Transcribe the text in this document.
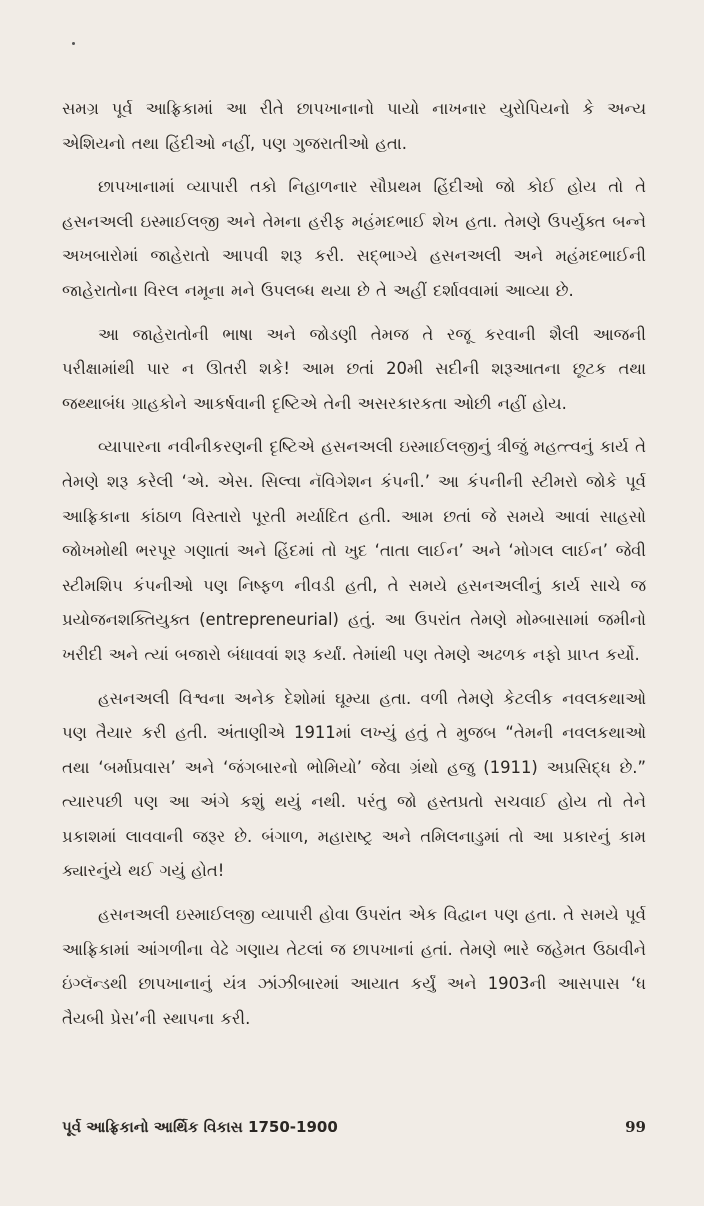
સમગ્ર પૂર્વ આફ્રિકામાં આ રીતે છાપખાનાનો પાયો નાખનાર યુરોપિયનો કે અન્ય એશિયનો તથા હિંદીઓ નહીં, પણ ગુજરાતીઓ હતા.

છાપખાનામાં વ્યાપારી તકો નિહાળનાર સૌપ્રથમ હિંદીઓ જો કોઈ હોય તો તે હસનઅલી ઇસ્માઈલજી અને તેમના હરીફ મહંમદભાઈ શેખ હતા. તેમણે ઉપર્યુક્ત બન્ને અખબારોમાં જાહેરાતો આપવી શરૂ કરી. સદ્ભાગ્યે હસનઅલી અને મહંમદભાઈની જાહેરાતોના વિરલ નમૂના મને ઉપલબ્ધ થયા છે તે અહીં દર્શાવવામાં આવ્યા છે.

આ જાહેરાતોની ભાષા અને જોડણી તેમજ તે રજૂ કરવાની શૈલી આજની પરીક્ષામાંથી પાર ન ઊતરી શકે! આમ છતાં 20મી સદીની શરૂઆતના છૂટક તથા જથ્થાબંધ ગ્રાહકોને આકર્ષવાની દૃષ્ટિએ તેની અસરકારકતા ઓછી નહીં હોય.

વ્યાપારના નવીનીકરણની દૃષ્ટિએ હસનઅલી ઇસ્માઈલજીનું ત્રીજું મહત્ત્વનું કાર્ય તે તેમણે શરૂ કરેલી ‘એ. એસ. સિલ્વા નૅવિગેશન કંપની.’ આ કંપનીની સ્ટીમરો જોકે પૂર્વ આફ્રિકાના કાંઠાળ વિસ્તારો પૂરતી મર્યાદિત હતી. આમ છતાં જે સમયે આવાં સાહસો જોખમોથી ભરપૂર ગણાતાં અને હિંદમાં તો ખુદ ‘તાતા લાઈન’ અને ‘મોગલ લાઈન’ જેવી સ્ટીમશિપ કંપનીઓ પણ નિષ્ફળ નીવડી હતી, તે સમયે હસનઅલીનું કાર્ય સાચે જ પ્રયોજનશક્તિયુક્ત (entrepreneurial) હતું. આ ઉપરાંત તેમણે મોમ્બાસામાં જમીનો ખરીદી અને ત્યાં બજારો બંધાવવાં શરૂ કર્યાં. તેમાંથી પણ તેમણે અઢળક નફો પ્રાપ્ત કર્યો.

હસનઅલી વિશ્વના અનેક દેશોમાં ઘૂમ્યા હતા. વળી તેમણે કેટલીક નવલકથાઓ પણ તૈયાર કરી હતી. અંતાણીએ 1911માં લખ્યું હતું તે મુજબ “તેમની નવલકથાઓ તથા ‘બર્માપ્રવાસ’ અને ‘જંગબારનો ભોમિયો’ જેવા ગ્રંથો હજુ (1911) અપ્રસિદ્ધ છે.” ત્યારપછી પણ આ અંગે કશું થયું નથી. પરંતુ જો હસ્તપ્રતો સચવાઈ હોય તો તેને પ્રકાશમાં લાવવાની જરૂર છે. બંગાળ, મહારાષ્ટ્ર અને તમિલનાડુમાં તો આ પ્રકારનું કામ ક્યારનુંયે થઈ ગયું હોત!

હસનઅલી ઇસ્માઈલજી વ્યાપારી હોવા ઉપરાંત એક વિદ્વાન પણ હતા. તે સમયે પૂર્વ આફ્રિકામાં આંગળીના વેઢે ગણાય તેટલાં જ છાપખાનાં હતાં. તેમણે ભારે જહેમત ઉઠાવીને ઇંગ્લૅન્ડથી છાપખાનાનું યંત્ર ઝાંઝીબારમાં આયાત કર્યું અને 1903ની આસપાસ ‘ધ તૈયબી પ્રેસ’ની સ્થાપના કરી.

પૂર્વ આફ્રિકાનો આર્થિક વિકાસ 1750-1900	99
